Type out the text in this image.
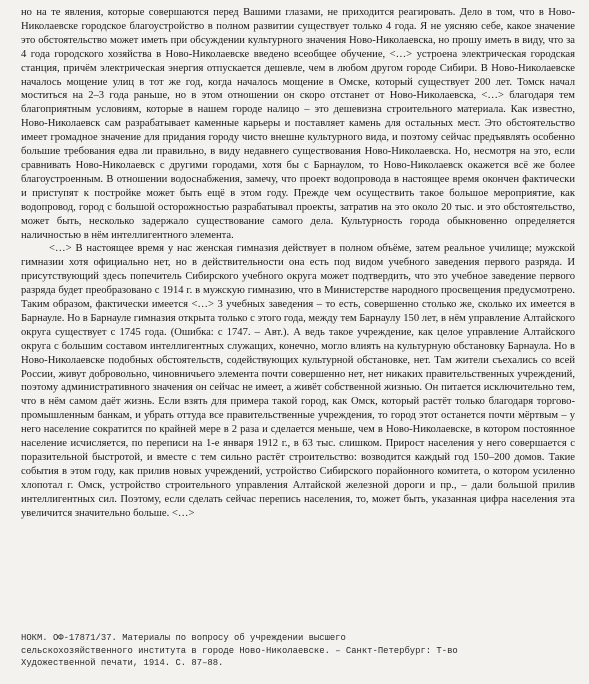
но на те явления, которые совершаются перед Вашими глазами, не приходится реагировать. Дело в том, что в Ново-Николаевске городское благоустройство в полном развитии существует только 4 года. Я не уясняю себе, какое значение это обстоятельство может иметь при обсуждении культурного значения Ново-Николаевска, но прошу иметь в виду, что за 4 года городского хозяйства в Ново-Николаевске введено всеобщее обучение, <…> устроена электрическая городская станция, причём электрическая энергия отпускается дешевле, чем в любом другом городе Сибири. В Ново-Николаевске началось мощение улиц в тот же год, когда началось мощение в Омске, который существует 200 лет. Томск начал моститься на 2–3 года раньше, но в этом отношении он скоро отстанет от Ново-Николаевска, <…> благодаря тем благоприятным условиям, которые в нашем городе налицо – это дешевизна строительного материала. Как известно, Ново-Николаевск сам разрабатывает каменные карьеры и поставляет камень для остальных мест. Это обстоятельство имеет громадное значение для придания городу чисто внешне культурного вида, и поэтому сейчас предъявлять особенно большие требования едва ли правильно, в виду недавнего существования Ново-Николаевска. Но, несмотря на это, если сравнивать Ново-Николаевск с другими городами, хотя бы с Барнаулом, то Ново-Николаевск окажется всё же более благоустроенным. В отношении водоснабжения, замечу, что проект водопровода в настоящее время окончен фактически и приступят к постройке может быть ещё в этом году. Прежде чем осуществить такое большое мероприятие, как водопровод, город с большой осторожностью разрабатывал проекты, затратив на это около 20 тыс. и это обстоятельство, может быть, несколько задержало существование самого дела. Культурность города обыкновенно определяется наличностью в нём интеллигентного элемента.

<…> В настоящее время у нас женская гимназия действует в полном объёме, затем реальное училище; мужской гимназии хотя официально нет, но в действительности она есть под видом учебного заведения первого разряда. И присутствующий здесь попечитель Сибирского учебного округа может подтвердить, что это учебное заведение первого разряда будет преобразовано с 1914 г. в мужскую гимназию, что в Министерстве народного просвещения предусмотрено. Таким образом, фактически имеется <…> 3 учебных заведения – то есть, совершенно столько же, сколько их имеется в Барнауле. Но в Барнауле гимназия открыта только с этого года, между тем Барнаулу 150 лет, в нём управление Алтайского округа существует с 1745 года. (Ошибка: с 1747. – Авт.). А ведь такое учреждение, как целое управление Алтайского округа с большим составом интеллигентных служащих, конечно, могло влиять на культурную обстановку Барнаула. Но в Ново-Николаевске подобных обстоятельств, содействующих культурной обстановке, нет. Там жители съехались со всей России, живут добровольно, чиновничьего элемента почти совершенно нет, нет никаких правительственных учреждений, поэтому административного значения он сейчас не имеет, а живёт собственной жизнью. Он питается исключительно тем, что в нём самом даёт жизнь. Если взять для примера такой город, как Омск, который растёт только благодаря торгово-промышленным банкам, и убрать оттуда все правительственные учреждения, то город этот останется почти мёртвым – у него население сократится по крайней мере в 2 раза и сделается меньше, чем в Ново-Николаевске, в котором постоянное население исчисляется, по переписи на 1-е января 1912 г., в 63 тыс. слишком. Прирост населения у него совершается с поразительной быстротой, и вместе с тем сильно растёт строительство: возводится каждый год 150–200 домов. Такие события в этом году, как прилив новых учреждений, устройство Сибирского порайонного комитета, о котором усиленно хлопотал г. Омск, устройство строительного управления Алтайской железной дороги и пр., – дали большой прилив интеллигентных сил. Поэтому, если сделать сейчас перепись населения, то, может быть, указанная цифра населения эта увеличится значительно больше. <…>

НОКМ. ОФ-17871/37. Материалы по вопросу об учреждении высшего сельскохозяйственного института в городе Ново-Николаевске. – Санкт-Петербург: Т-во Художественной печати, 1914. С. 87–88.
